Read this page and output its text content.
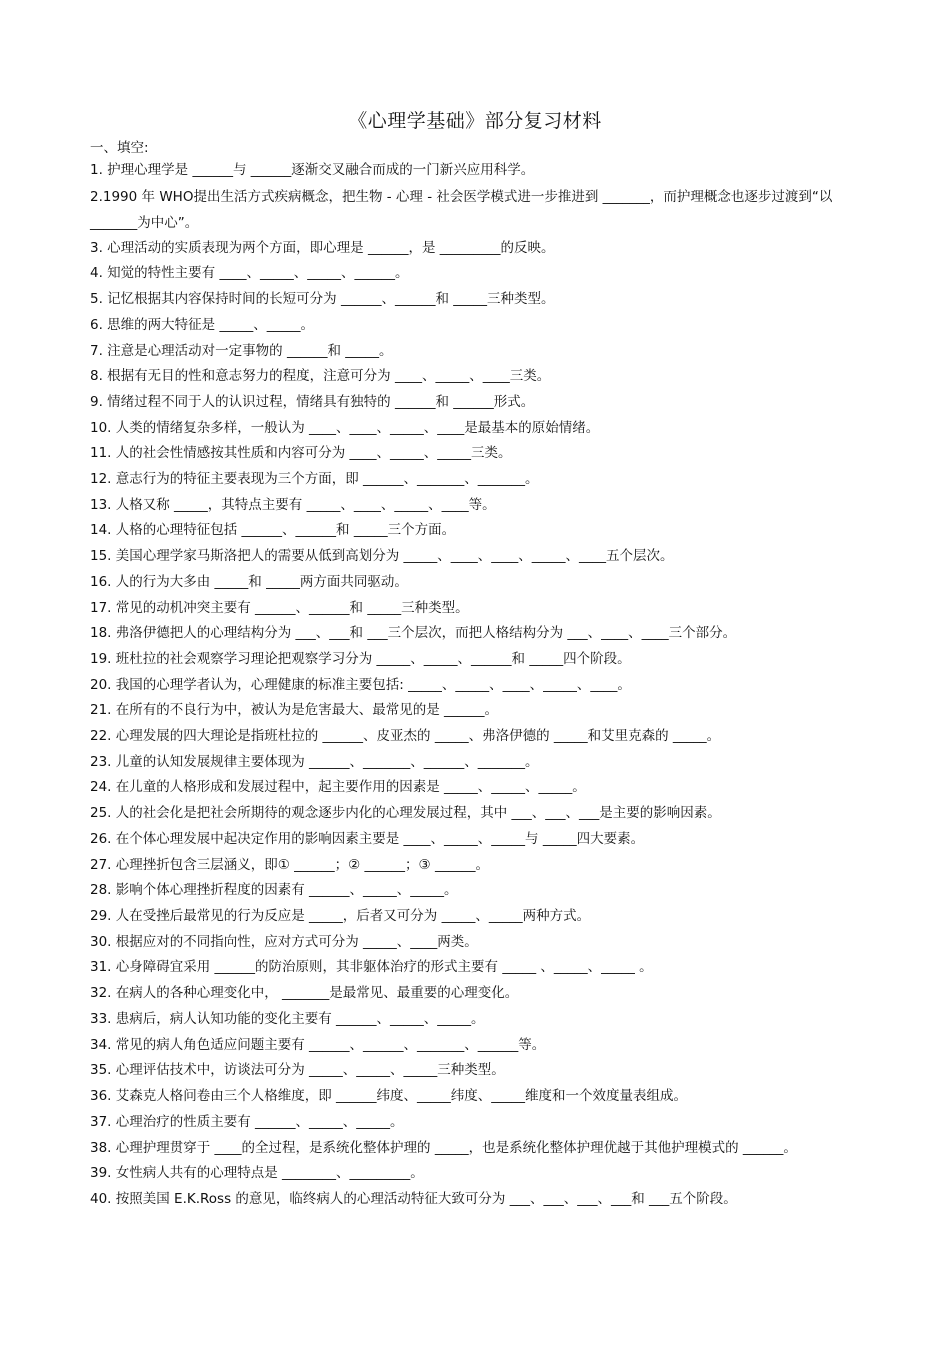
《心理学基础》部分复习材料
一、填空:
1. 护理心理学是 ______与 ______逐渐交叉融合而成的一门新兴应用科学。
2.1990 年 WHO提出生活方式疾病概念，把生物 - 心理 - 社会医学模式进一步推进到 _______，而护理概念也逐步过渡到“以 _______为中心”。
3. 心理活动的实质表现为两个方面，即心理是 ______，是 _________的反映。
4. 知觉的特性主要有 ____、_____、_____、______。
5. 记忆根据其内容保持时间的长短可分为 ______、______和 _____三种类型。
6. 思维的两大特征是 _____、_____。
7. 注意是心理活动对一定事物的 ______和 _____。
8. 根据有无目的性和意志努力的程度，注意可分为 ____、_____、____三类。
9. 情绪过程不同于人的认识过程，情绪具有独特的 ______和 ______形式。
10. 人类的情绪复杂多样，一般认为 ____、____、_____、____是最基本的原始情绪。
11. 人的社会性情感按其性质和内容可分为 ____、_____、_____三类。
12. 意志行为的特征主要表现为三个方面，即 ______、_______、_______。
13. 人格又称 _____，其特点主要有 _____、____、_____、____等。
14. 人格的心理特征包括 ______、______和 _____三个方面。
15. 美国心理学家马斯洛把人的需要从低到高划分为 _____、____、____、_____、____五个层次。
16. 人的行为大多由 _____和 _____两方面共同驱动。
17. 常见的动机冲突主要有 ______、______和 _____三种类型。
18. 弗洛伊德把人的心理结构分为 ___、___和 ___三个层次，而把人格结构分为 ___、____、____三个部分。
19. 班杜拉的社会观察学习理论把观察学习分为 _____、_____、______和 _____四个阶段。
20. 我国的心理学者认为，心理健康的标准主要包括: _____、_____、____、_____、____。
21. 在所有的不良行为中，被认为是危害最大、最常见的是 ______。
22. 心理发展的四大理论是指班杜拉的 ______、皮亚杰的 _____、弗洛伊德的 _____和艾里克森的 _____。
23. 儿童的认知发展规律主要体现为 ______、_______、______、_______。
24. 在儿童的人格形成和发展过程中，起主要作用的因素是 _____、_____、_____。
25. 人的社会化是把社会所期待的观念逐步内化的心理发展过程，其中 ___、___、___是主要的影响因素。
26. 在个体心理发展中起决定作用的影响因素主要是 ____、_____、_____与 _____四大要素。
27. 心理挫折包含三层涵义，即① ______；② ______；③ ______。
28. 影响个体心理挫折程度的因素有 ______、_____、_____。
29. 人在受挫后最常见的行为反应是 _____，后者又可分为 _____、_____两种方式。
30. 根据应对的不同指向性，应对方式可分为 _____、____两类。
31. 心身障碍宜采用 ______的防治原则，其非躯体治疗的形式主要有 _____ 、_____、_____ 。
32. 在病人的各种心理变化中， _______是最常见、最重要的心理变化。
33. 患病后，病人认知功能的变化主要有 ______、_____、_____。
34. 常见的病人角色适应问题主要有 ______、______、_______、______等。
35. 心理评估技术中，访谈法可分为 _____、_____、_____三种类型。
36. 艾森克人格问卷由三个人格维度，即 ______纬度、_____纬度、_____维度和一个效度量表组成。
37. 心理治疗的性质主要有 ______、_____、_____。
38. 心理护理贯穿于 ____的全过程，是系统化整体护理的 _____，也是系统化整体护理优越于其他护理模式的 ______。
39. 女性病人共有的心理特点是 ________、_________。
40. 按照美国 E.K.Ross 的意见，临终病人的心理活动特征大致可分为 ___、___、___、___和 ___五个阶段。
